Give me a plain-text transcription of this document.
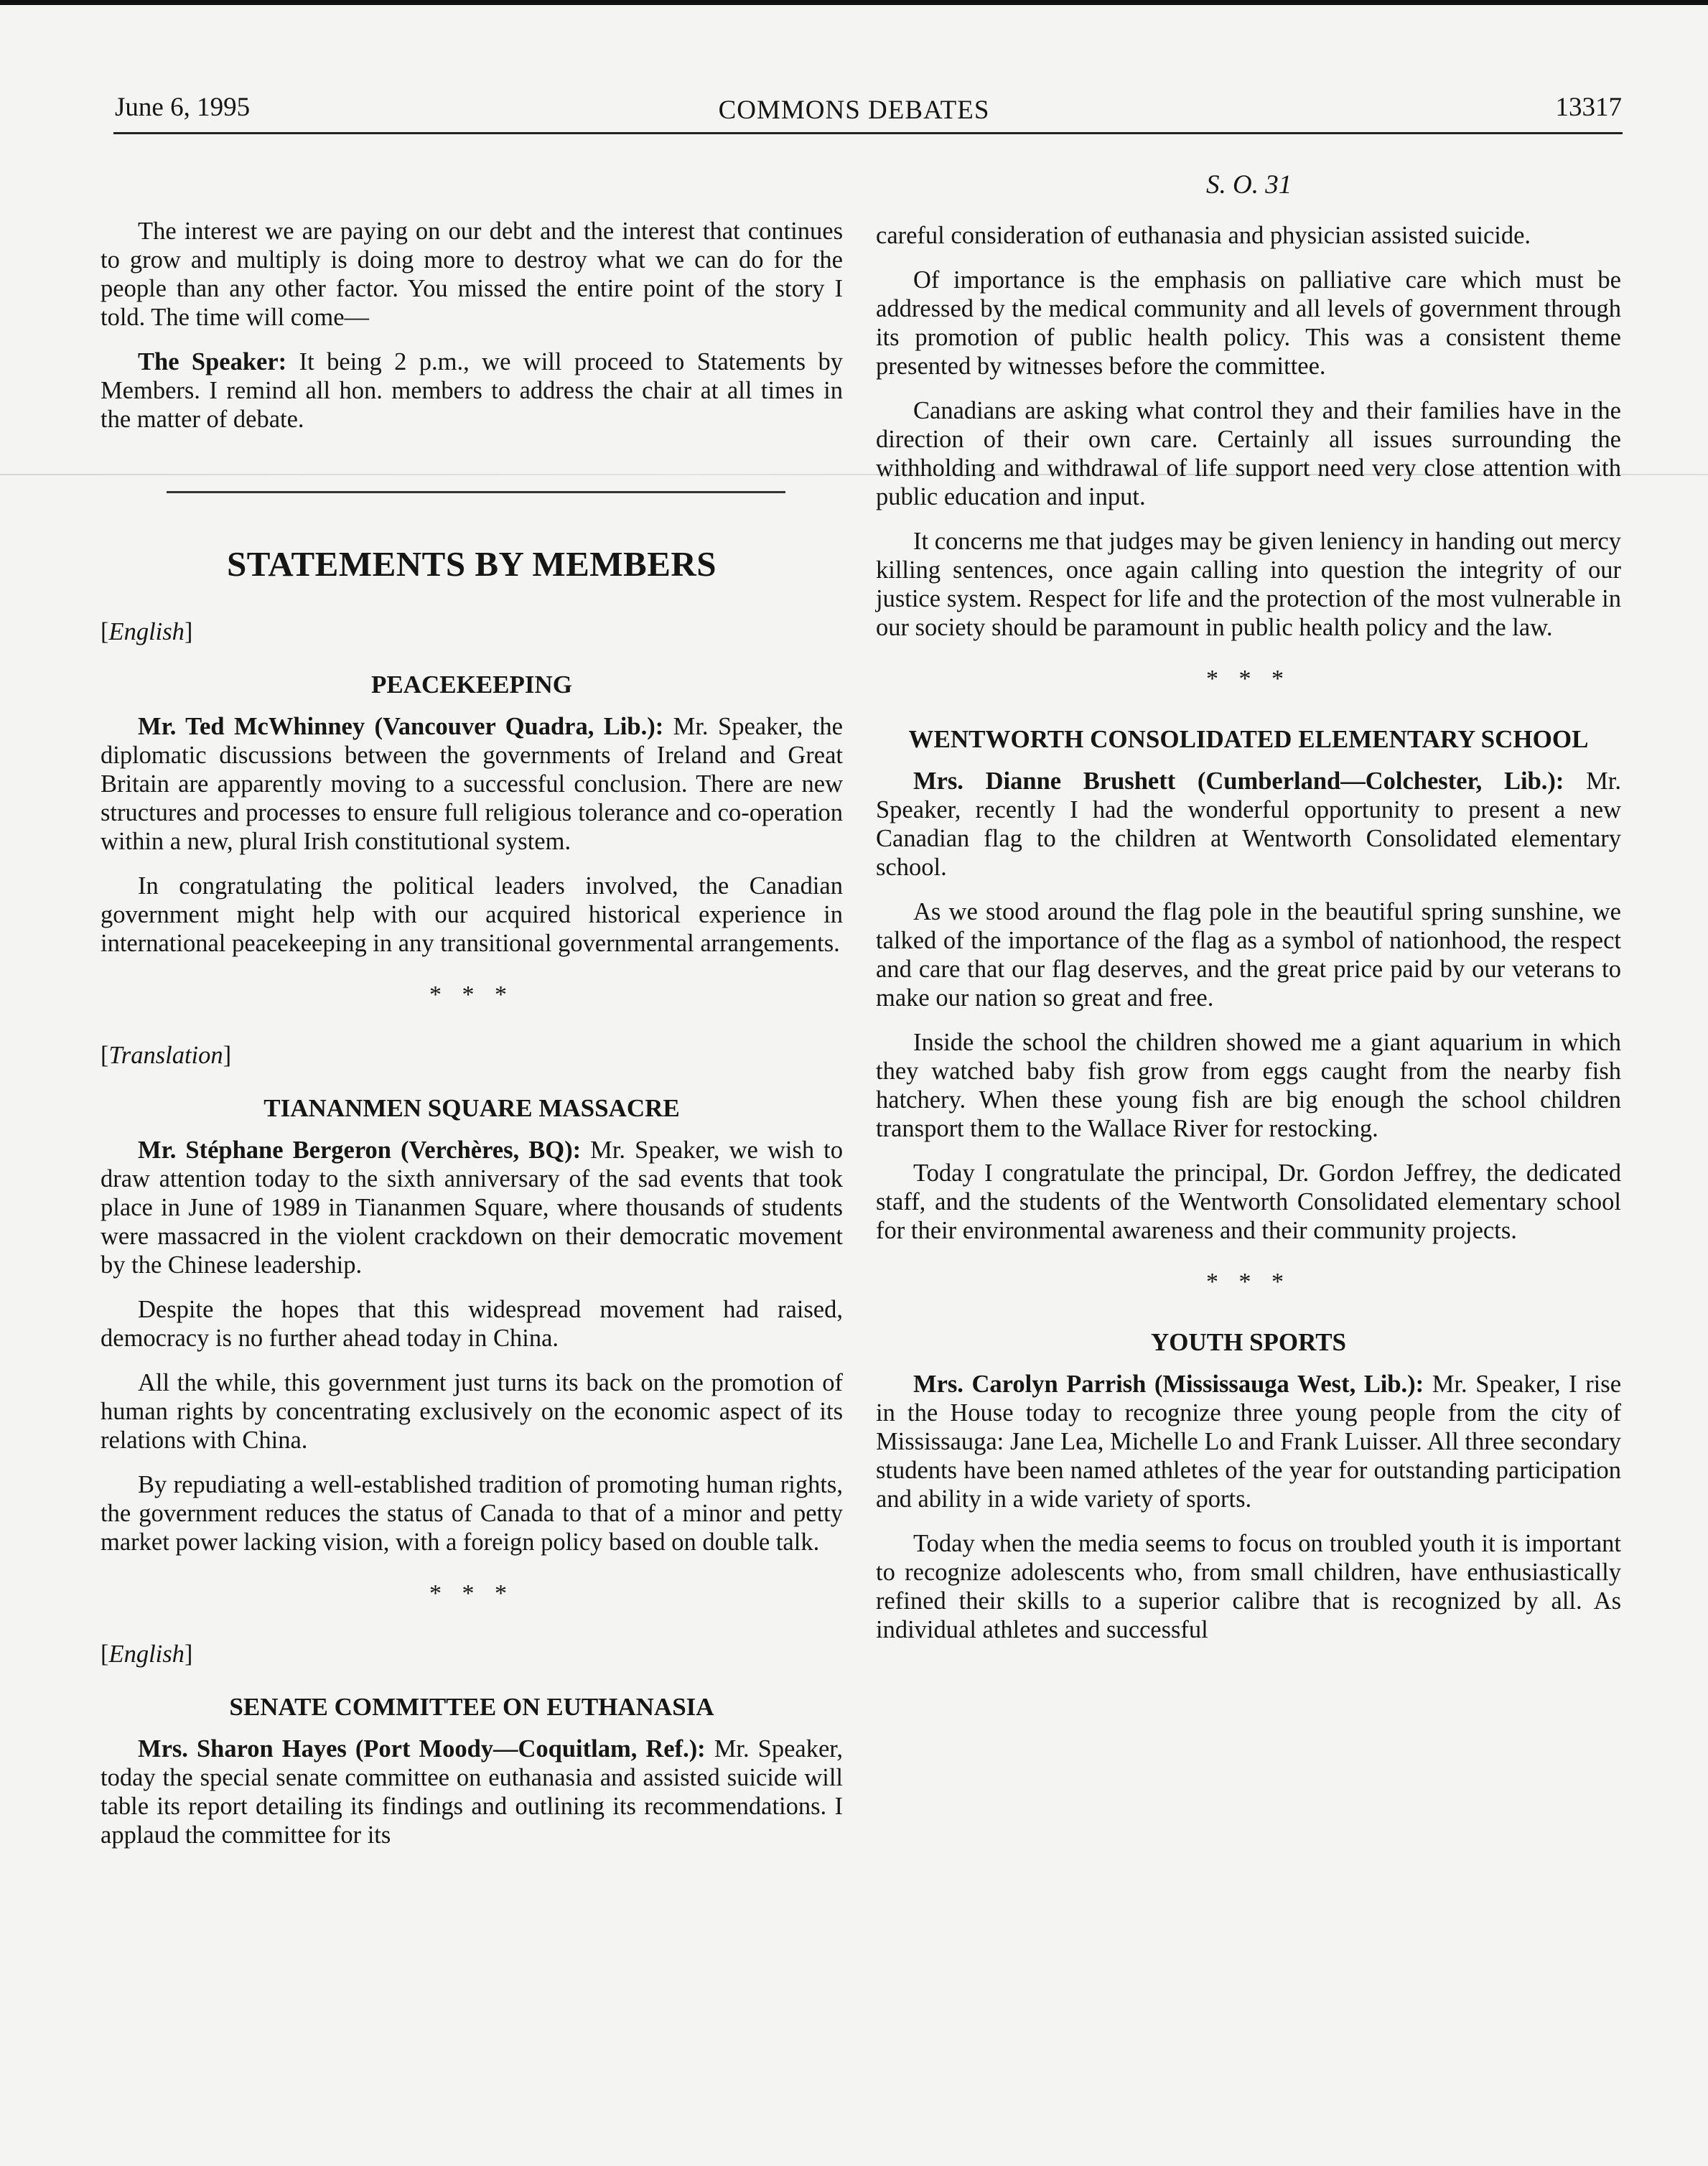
June 6, 1995	COMMONS DEBATES	13317
S. O. 31

The interest we are paying on our debt and the interest that continues to grow and multiply is doing more to destroy what we can do for the people than any other factor. You missed the entire point of the story I told. The time will come—

The Speaker: It being 2 p.m., we will proceed to Statements by Members. I remind all hon. members to address the chair at all times in the matter of debate.

STATEMENTS BY MEMBERS
[English]
PEACEKEEPING

Mr. Ted McWhinney (Vancouver Quadra, Lib.): Mr. Speaker, the diplomatic discussions between the governments of Ireland and Great Britain are apparently moving to a successful conclusion. There are new structures and processes to ensure full religious tolerance and co-operation within a new, plural Irish constitutional system.

In congratulating the political leaders involved, the Canadian government might help with our acquired historical experience in international peacekeeping in any transitional governmental arrangements.

* * *
[Translation]
TIANANMEN SQUARE MASSACRE

Mr. Stéphane Bergeron (Verchères, BQ): Mr. Speaker, we wish to draw attention today to the sixth anniversary of the sad events that took place in June of 1989 in Tiananmen Square, where thousands of students were massacred in the violent crackdown on their democratic movement by the Chinese leadership.

Despite the hopes that this widespread movement had raised, democracy is no further ahead today in China.

All the while, this government just turns its back on the promotion of human rights by concentrating exclusively on the economic aspect of its relations with China.

By repudiating a well-established tradition of promoting human rights, the government reduces the status of Canada to that of a minor and petty market power lacking vision, with a foreign policy based on double talk.

* * *
[English]
SENATE COMMITTEE ON EUTHANASIA

Mrs. Sharon Hayes (Port Moody—Coquitlam, Ref.): Mr. Speaker, today the special senate committee on euthanasia and assisted suicide will table its report detailing its findings and outlining its recommendations. I applaud the committee for its

careful consideration of euthanasia and physician assisted suicide.

Of importance is the emphasis on palliative care which must be addressed by the medical community and all levels of government through its promotion of public health policy. This was a consistent theme presented by witnesses before the committee.

Canadians are asking what control they and their families have in the direction of their own care. Certainly all issues surrounding the withholding and withdrawal of life support need very close attention with public education and input.

It concerns me that judges may be given leniency in handing out mercy killing sentences, once again calling into question the integrity of our justice system. Respect for life and the protection of the most vulnerable in our society should be paramount in public health policy and the law.

* * *
WENTWORTH CONSOLIDATED ELEMENTARY SCHOOL

Mrs. Dianne Brushett (Cumberland—Colchester, Lib.): Mr. Speaker, recently I had the wonderful opportunity to present a new Canadian flag to the children at Wentworth Consolidated elementary school.

As we stood around the flag pole in the beautiful spring sunshine, we talked of the importance of the flag as a symbol of nationhood, the respect and care that our flag deserves, and the great price paid by our veterans to make our nation so great and free.

Inside the school the children showed me a giant aquarium in which they watched baby fish grow from eggs caught from the nearby fish hatchery. When these young fish are big enough the school children transport them to the Wallace River for restocking.

Today I congratulate the principal, Dr. Gordon Jeffrey, the dedicated staff, and the students of the Wentworth Consolidated elementary school for their environmental awareness and their community projects.

* * *
YOUTH SPORTS

Mrs. Carolyn Parrish (Mississauga West, Lib.): Mr. Speaker, I rise in the House today to recognize three young people from the city of Mississauga: Jane Lea, Michelle Lo and Frank Luisser. All three secondary students have been named athletes of the year for outstanding participation and ability in a wide variety of sports.

Today when the media seems to focus on troubled youth it is important to recognize adolescents who, from small children, have enthusiastically refined their skills to a superior calibre that is recognized by all. As individual athletes and successful
